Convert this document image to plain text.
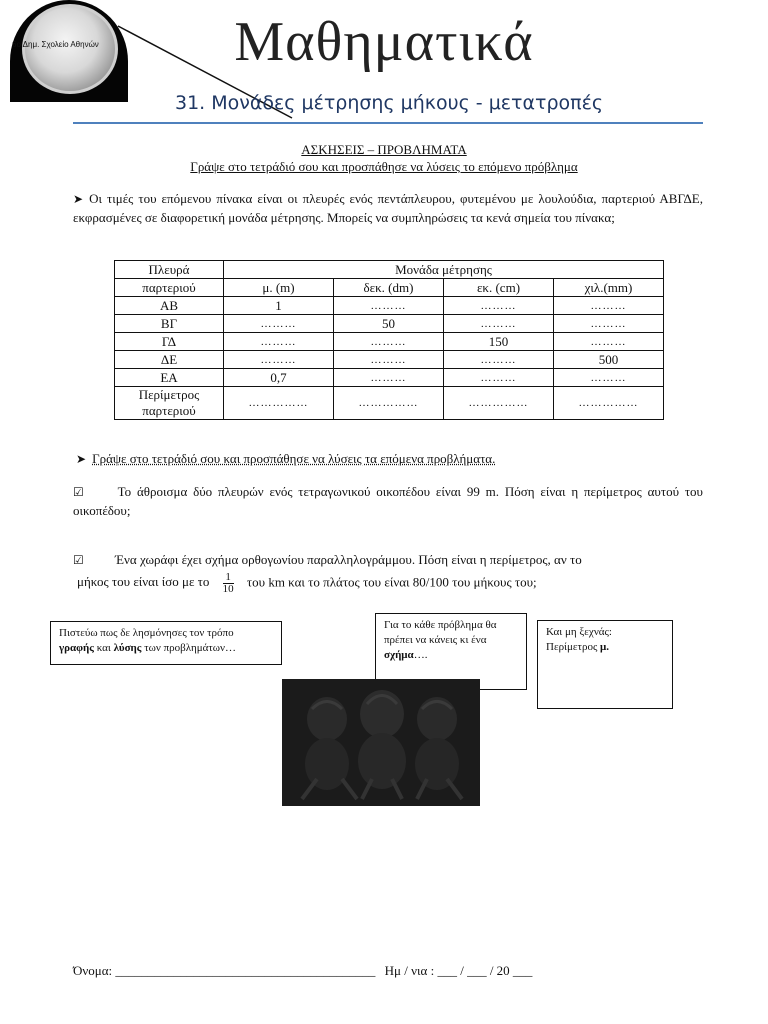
6ο Δημ. Σχολείο Αθηνών	Μαθηματικά
31. Μονάδες μέτρησης μήκους - μετατροπές
ΑΣΚΗΣΕΙΣ – ΠΡΟΒΛΗΜΑΤΑ
Γράψε στο τετράδιό σου και προσπάθησε να λύσεις το επόμενο πρόβλημα
➤ Οι τιμές του επόμενου πίνακα είναι οι πλευρές ενός πεντάπλευρου, φυτεμένου με λουλούδια, παρτεριού ΑΒΓΔΕ, εκφρασμένες σε διαφορετική μονάδα μέτρησης. Μπορείς να συμπληρώσεις τα κενά σημεία του πίνακα;
Πλευρά	Μονάδα μέτρησης			
παρτεριού	μ. (m)	δεκ. (dm)	εκ. (cm)	χιλ.(mm)
ΑΒ	1	………	………	………
ΒΓ	………	50	………	………
ΓΔ	………	………	150	………
ΔΕ	………	………	………	500
ΕΑ	0,7	………	………	………

Περίμετρος
παρτεριού	……………	……………	……………	……………
➤ Γράψε στο τετράδιό σου και προσπάθησε να λύσεις τα επόμενα προβλήματα.
☑	Το άθροισμα δύο πλευρών ενός τετραγωνικού οικοπέδου είναι 99 m. Πόση είναι η περίμετρος αυτού του οικοπέδου;
☑ Ένα χωράφι έχει σχήμα ορθογωνίου παραλληλογράμμου. Πόση είναι η περίμετρος, αν το
μήκος του είναι ίσο με το $\frac{1}{10}$ του km και το πλάτος του είναι 80/100 του μήκους του;
Πιστεύω πως δε λησμόνησες τον τρόπο
γραφής και λύσης των προβλημάτων…
Για το κάθε πρόβλημα θα πρέπει να κάνεις κι ένα σχήμα….
Και μη ξεχνάς:
Περίμετρος μ.
Όνομα: ________________________________________ Ημ / νια : ___ / ___ / 20 ___
